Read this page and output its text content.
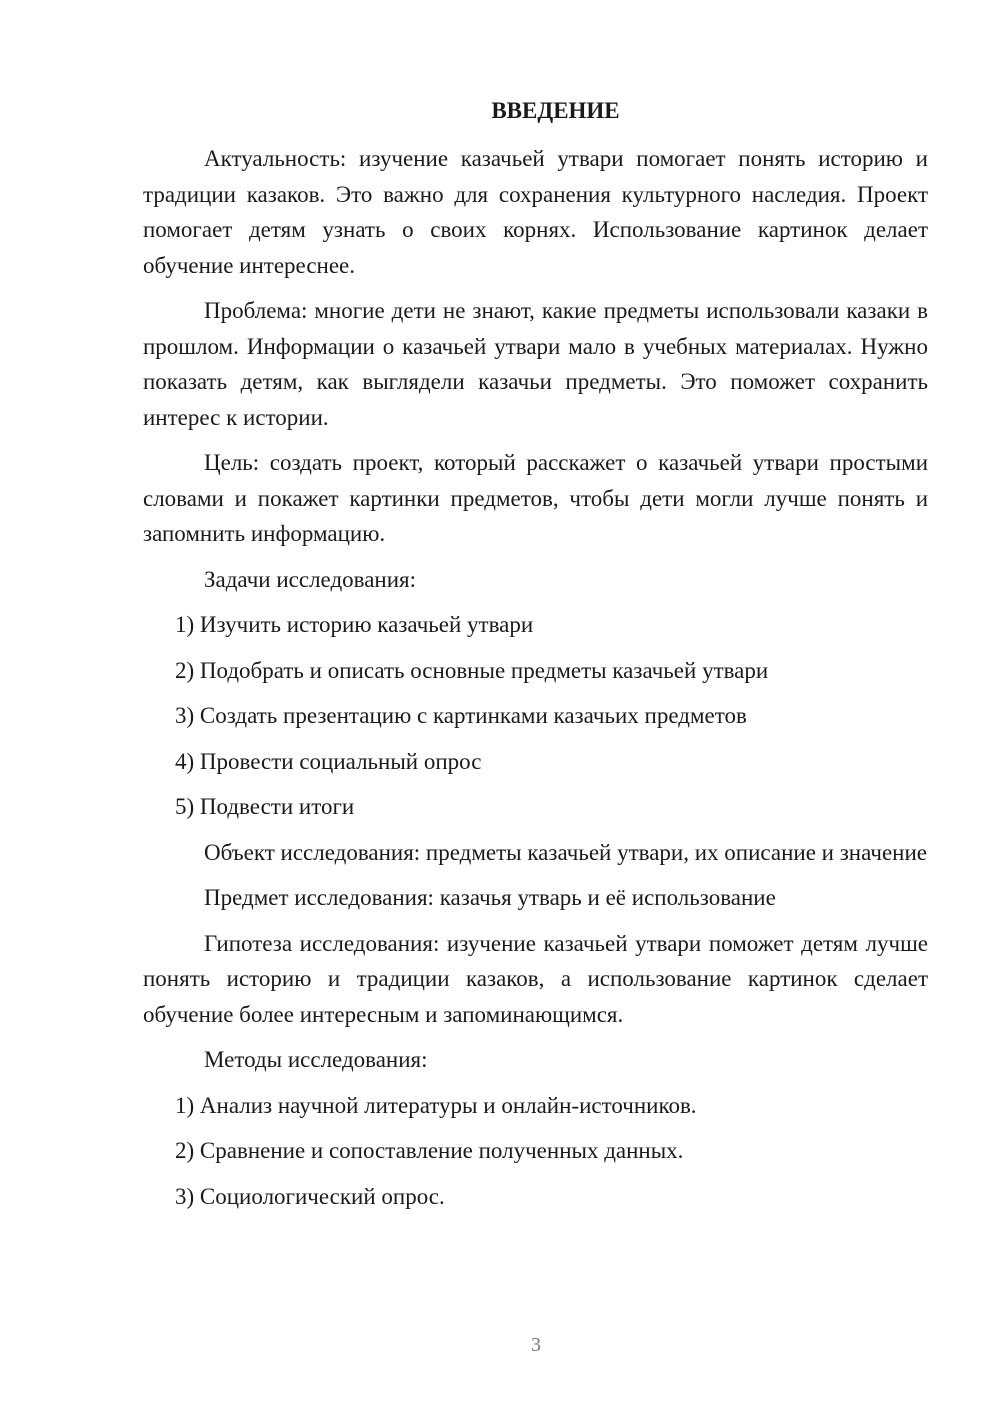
ВВЕДЕНИЕ

Актуальность: изучение казачьей утвари помогает понять историю и традиции казаков. Это важно для сохранения культурного наследия. Проект помогает детям узнать о своих корнях. Использование картинок делает обучение интереснее.

Проблема: многие дети не знают, какие предметы использовали казаки в прошлом. Информации о казачьей утвари мало в учебных материалах. Нужно показать детям, как выглядели казачьи предметы. Это поможет сохранить интерес к истории.

Цель: создать проект, который расскажет о казачьей утвари простыми словами и покажет картинки предметов, чтобы дети могли лучше понять и запомнить информацию.

Задачи исследования:

1) Изучить историю казачьей утвари
2) Подобрать и описать основные предметы казачьей утвари
3) Создать презентацию с картинками казачьих предметов
4) Провести социальный опрос
5) Подвести итоги

Объект исследования: предметы казачьей утвари, их описание и значение

Предмет исследования: казачья утварь и её использование

Гипотеза исследования: изучение казачьей утвари поможет детям лучше понять историю и традиции казаков, а использование картинок сделает обучение более интересным и запоминающимся.

Методы исследования:

1) Анализ научной литературы и онлайн-источников.
2) Сравнение и сопоставление полученных данных.
3) Социологический опрос.
3
